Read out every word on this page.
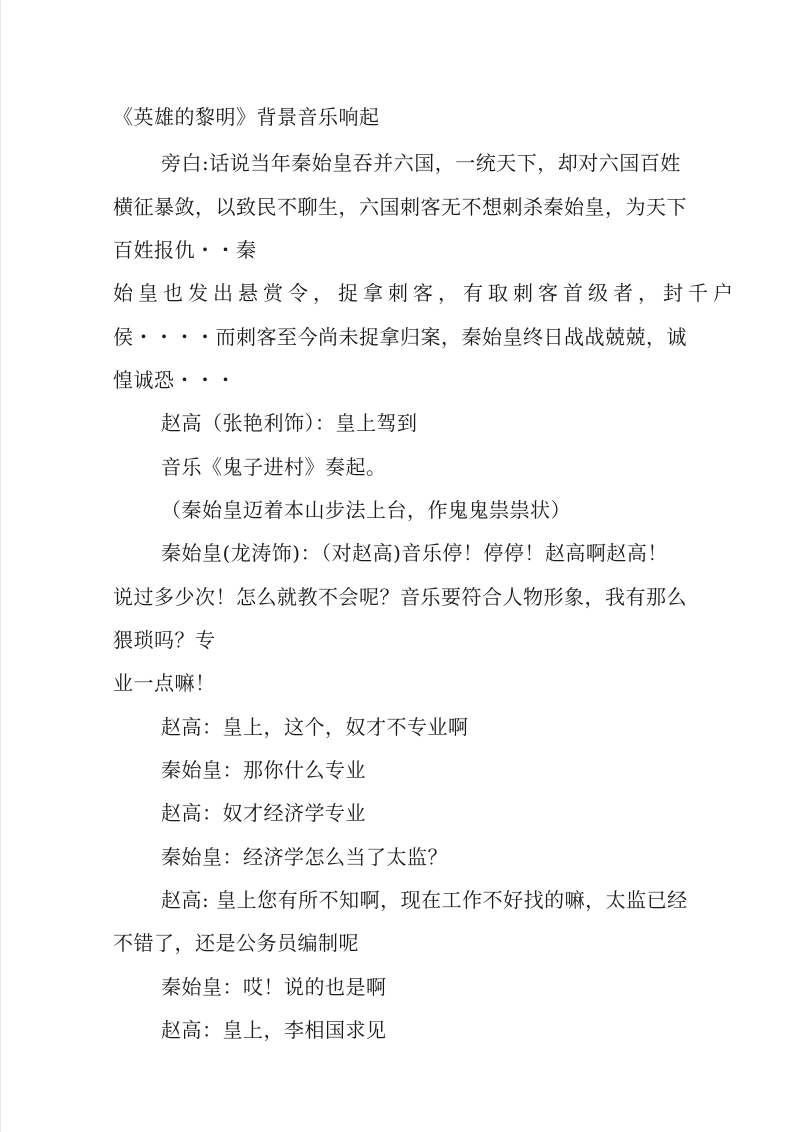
《英雄的黎明》背景音乐响起
旁白:话说当年秦始皇吞并六国，一统天下，却对六国百姓
横征暴敛，以致民不聊生，六国刺客无不想刺杀秦始皇，为天下
百姓报仇・・秦
始皇也发出悬赏令，捉拿刺客，有取刺客首级者，封千户
侯・・・・而刺客至今尚未捉拿归案，秦始皇终日战战兢兢，诚
惶诚恐・・・
赵高（张艳利饰）：皇上驾到
音乐《鬼子进村》奏起。
（秦始皇迈着本山步法上台，作鬼鬼祟祟状）
秦始皇(龙涛饰)：（对赵高)音乐停！停停！赵高啊赵高！
说过多少次！怎么就教不会呢？音乐要符合人物形象，我有那么
猥琐吗？专
业一点嘛！
赵高：皇上，这个，奴才不专业啊
秦始皇：那你什么专业
赵高：奴才经济学专业
秦始皇：经济学怎么当了太监？
赵高: 皇上您有所不知啊，现在工作不好找的嘛，太监已经
不错了，还是公务员编制呢
秦始皇：哎！说的也是啊
赵高：皇上，李相国求见
